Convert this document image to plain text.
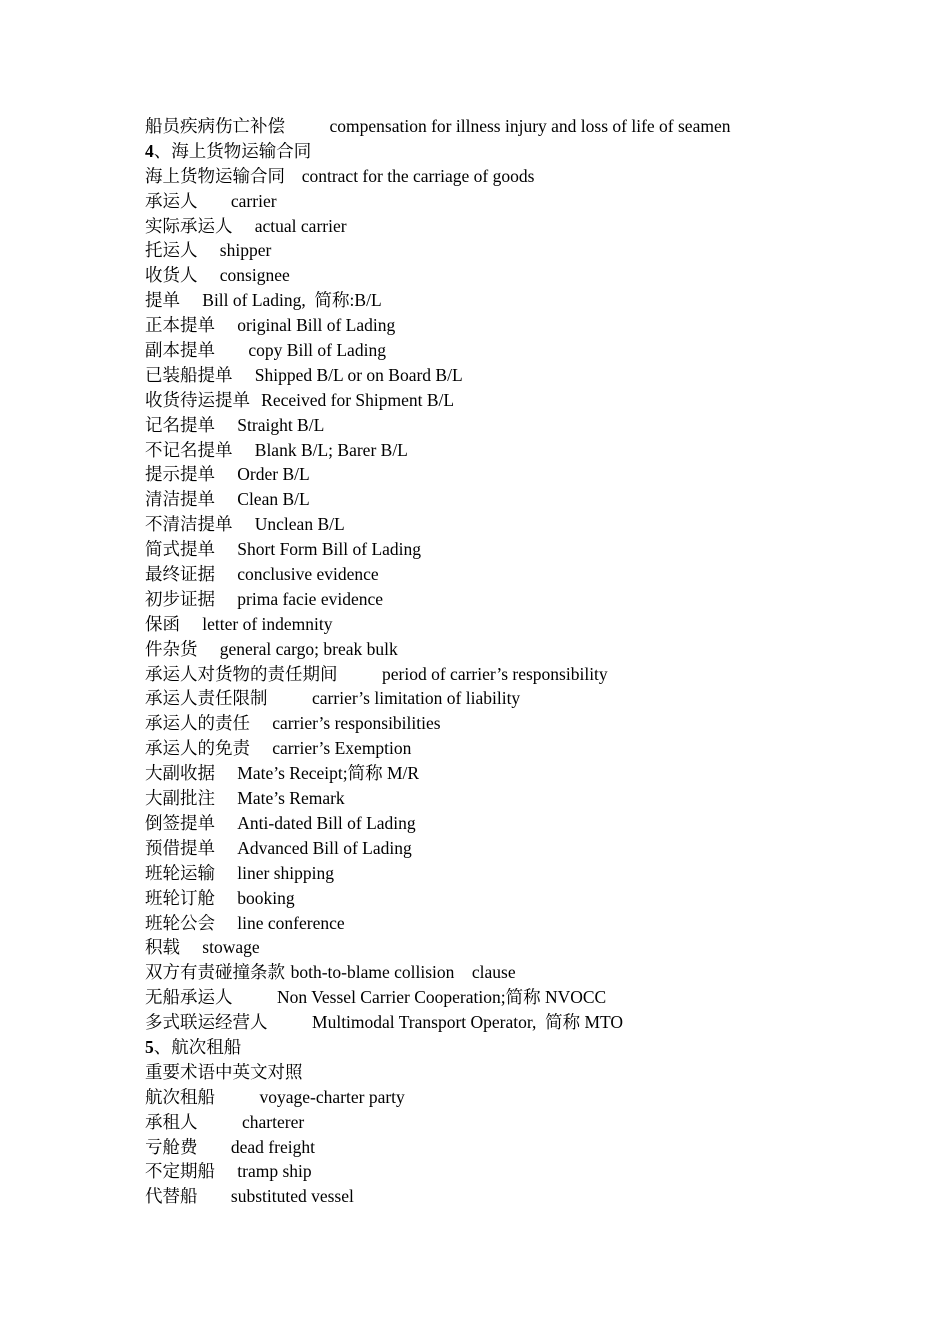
船员疾病伤亡补偿	compensation for illness injury and loss of life of seamen
4、海上货物运输合同
海上货物运输合同 contract for the carriage of goods
承运人 carrier
实际承运人 actual carrier
托运人 shipper
收货人 consignee
提单 Bill of Lading,  简称:B/L
正本提单 original Bill of Lading
副本提单 copy Bill of Lading
已装船提单 Shipped B/L or on Board B/L
收货待运提单 Received for Shipment B/L
记名提单 Straight B/L
不记名提单 Blank B/L; Barer B/L
提示提单 Order B/L
清洁提单 Clean B/L
不清洁提单 Unclean B/L
简式提单 Short Form Bill of Lading
最终证据 conclusive evidence
初步证据 prima facie evidence
保函 letter of indemnity
件杂货 general cargo; break bulk
承运人对货物的责任期间	period of carrier’s responsibility
承运人责任限制	carrier’s limitation of liability
承运人的责任 carrier’s responsibilities
承运人的免责 carrier’s Exemption
大副收据 Mate’s Receipt;简称 M/R
大副批注 Mate’s Remark
倒签提单 Anti-dated Bill of Lading
预借提单 Advanced Bill of Lading
班轮运输 liner shipping
班轮订舱 booking
班轮公会 line conference
积载 stowage
双方有责碰撞条款 both-to-blame collision    clause
无船承运人	Non Vessel Carrier Cooperation;简称 NVOCC
多式联运经营人	Multimodal Transport Operator,  简称 MTO
5、航次租船
重要术语中英文对照
航次租船	voyage-charter party
承租人	charterer
亏舱费 dead freight
不定期船 tramp ship
代替船 substituted vessel
